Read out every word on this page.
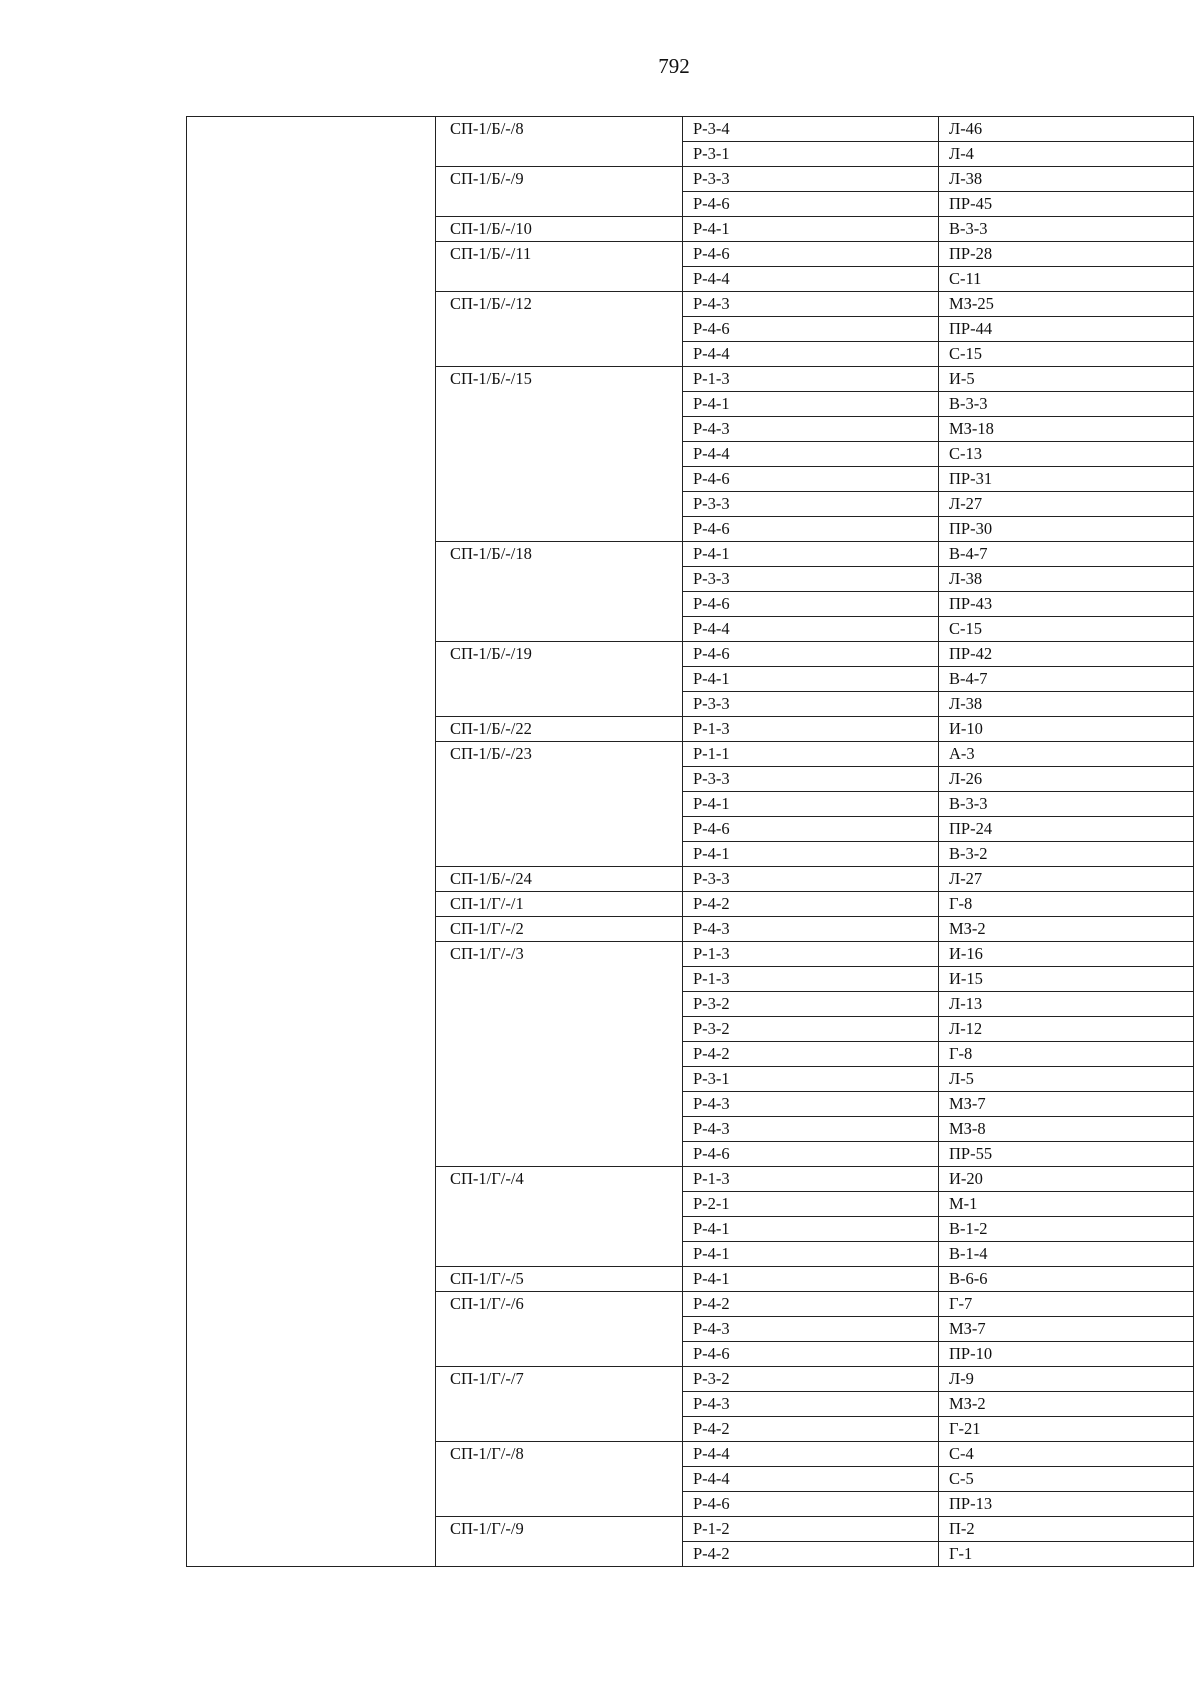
792
	СП-1/Б/-/8	Р-3-4	Л-46
		Р-3-1	Л-4
	СП-1/Б/-/9	Р-3-3	Л-38
		Р-4-6	ПР-45
	СП-1/Б/-/10	Р-4-1	В-3-3
	СП-1/Б/-/11	Р-4-6	ПР-28
		Р-4-4	С-11
	СП-1/Б/-/12	Р-4-3	МЗ-25
		Р-4-6	ПР-44
		Р-4-4	С-15
	СП-1/Б/-/15	Р-1-3	И-5
		Р-4-1	В-3-3
		Р-4-3	МЗ-18
		Р-4-4	С-13
		Р-4-6	ПР-31
		Р-3-3	Л-27
		Р-4-6	ПР-30
	СП-1/Б/-/18	Р-4-1	В-4-7
		Р-3-3	Л-38
		Р-4-6	ПР-43
		Р-4-4	С-15
	СП-1/Б/-/19	Р-4-6	ПР-42
		Р-4-1	В-4-7
		Р-3-3	Л-38
	СП-1/Б/-/22	Р-1-3	И-10
	СП-1/Б/-/23	Р-1-1	А-3
		Р-3-3	Л-26
		Р-4-1	В-3-3
		Р-4-6	ПР-24
		Р-4-1	В-3-2
	СП-1/Б/-/24	Р-3-3	Л-27
	СП-1/Г/-/1	Р-4-2	Г-8
	СП-1/Г/-/2	Р-4-3	МЗ-2
	СП-1/Г/-/3	Р-1-3	И-16
		Р-1-3	И-15
		Р-3-2	Л-13
		Р-3-2	Л-12
		Р-4-2	Г-8
		Р-3-1	Л-5
		Р-4-3	МЗ-7
		Р-4-3	МЗ-8
		Р-4-6	ПР-55
	СП-1/Г/-/4	Р-1-3	И-20
		Р-2-1	М-1
		Р-4-1	В-1-2
		Р-4-1	В-1-4
	СП-1/Г/-/5	Р-4-1	В-6-6
	СП-1/Г/-/6	Р-4-2	Г-7
		Р-4-3	МЗ-7
		Р-4-6	ПР-10
	СП-1/Г/-/7	Р-3-2	Л-9
		Р-4-3	МЗ-2
		Р-4-2	Г-21
	СП-1/Г/-/8	Р-4-4	С-4
		Р-4-4	С-5
		Р-4-6	ПР-13
	СП-1/Г/-/9	Р-1-2	П-2
		Р-4-2	Г-1
